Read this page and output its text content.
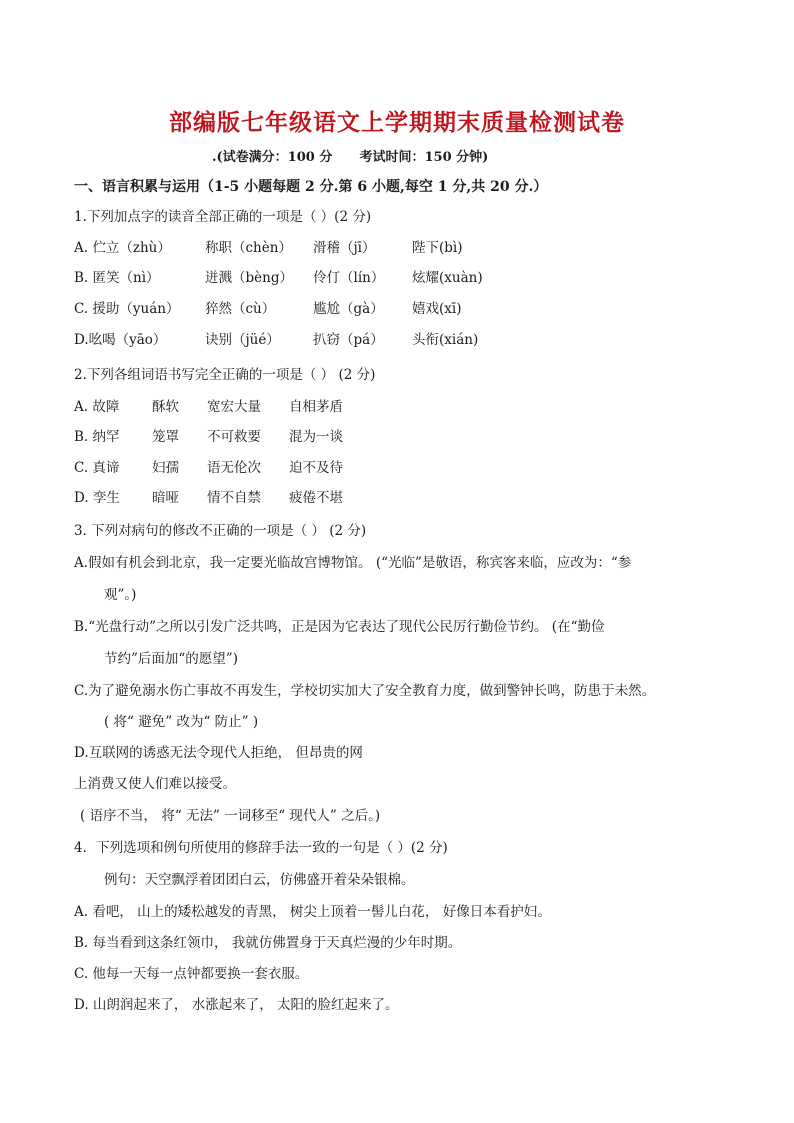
部编版七年级语文上学期期末质量检测试卷
.(试卷满分：100 分      考试时间：150 分钟)
一、语言积累与运用（1-5 小题每题 2 分.第 6 小题,每空 1 分,共 20 分.）
1.下列加点字的读音全部正确的一项是（ ）(2 分)
A. 伫立（zhù）	称职（chèn） 滑稽（jī）	陛下(bì)
B. 匿笑（nì）	迸溅（bèng） 伶仃（lín） 炫耀(xuàn)
C. 援助（yuán） 猝然（cù）	尴尬（gà） 嬉戏(xī)
D.吆喝（yāo）	诀别（jüé） 扒窃（pá） 头衔(xián)
2.下列各组词语书写完全正确的一项是（ ） (2 分)
A. 故障 酥软 宽宏大量 自相茅盾
B. 纳罕 笼罩 不可救要 混为一谈
C. 真谛 妇孺 语无伦次 迫不及待
D. 孪生 暗哑 情不自禁 疲倦不堪
3. 下列对病句的修改不正确的一项是（ ） (2 分)
A.假如有机会到北京，我一定要光临故宫博物馆。 (“光临”是敬语，称宾客来临，应改为：“参
观”。)
B.“光盘行动”之所以引发广泛共鸣，正是因为它表达了现代公民厉行勤俭节约。 (在“勤俭
节约”后面加“的愿望”)
C.为了避免溺水伤亡事故不再发生，学校切实加大了安全教育力度，做到警钟长鸣，防患于未然。
( 将“ 避免” 改为“ 防止” )
D.互联网的诱惑无法令现代人拒绝， 但昂贵的网
上消费又使人们难以接受。
( 语序不当， 将“ 无法” 一词移至“ 现代人” 之后。)
4．下列选项和例句所使用的修辞手法一致的一句是（ ）(2 分)
例句：天空飘浮着团团白云，仿佛盛开着朵朵银棉。
A. 看吧， 山上的矮松越发的青黑， 树尖上顶着一髻儿白花， 好像日本看护妇。
B. 每当看到这条红领巾， 我就仿佛置身于天真烂漫的少年时期。
C. 他每一天每一点钟都要换一套衣服。
D. 山朗润起来了， 水涨起来了， 太阳的脸红起来了。
